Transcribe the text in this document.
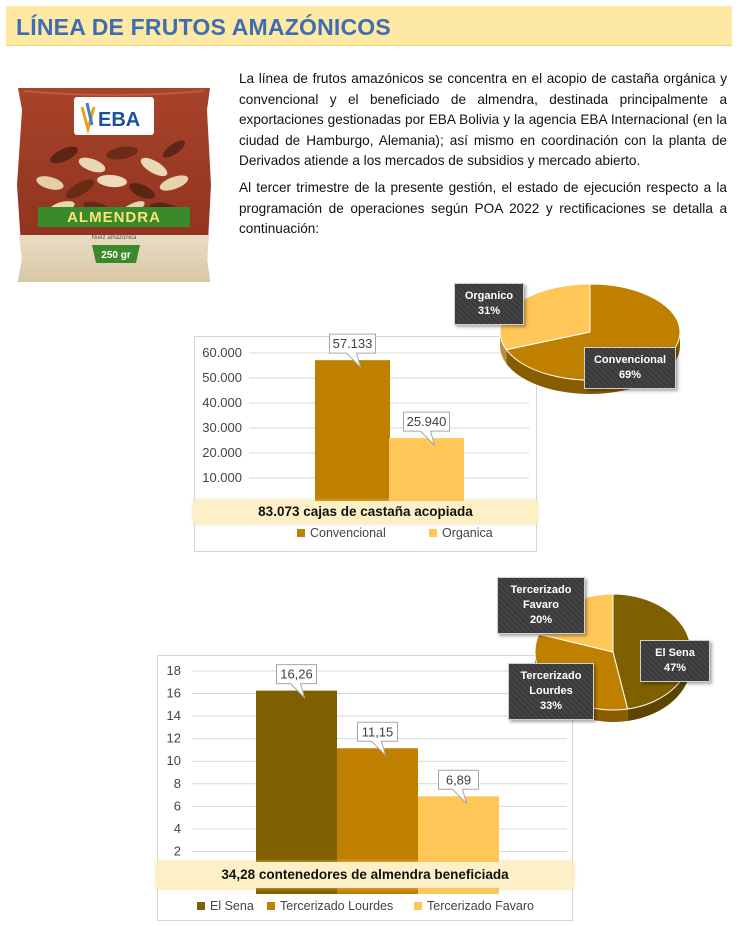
LÍNEA DE FRUTOS AMAZÓNICOS
EBA
ALMENDRA
Nuez amazónica
250 gr

La línea de frutos amazónicos se concentra en el acopio de castaña orgánica y convencional y el beneficiado de almendra, destinada principalmente a exportaciones gestionadas por EBA Bolivia y la agencia EBA Internacional (en la ciudad de Hamburgo, Alemania); así mismo en coordinación con la planta de Derivados atiende a los mercados de subsidios y mercado abierto.

Al tercer trimestre de la presente gestión, el estado de ejecución respecto a la programación de operaciones según POA 2022 y rectificaciones se detalla a continuación:

10.000
20.000
30.000
40.000
50.000
60.000
57.133
25.940
83.073 cajas de castaña acopiada
Convencional	Organica
Organico
31%
Convencional
69%
2
4
6
8
10
12
14
16
18	16,26
11,15
6,89
34,28 contenedores de almendra beneficiada
El Sena	Tercerizado Lourdes	Tercerizado Favaro
Tercerizado Favaro
20%
El Sena
47%
Tercerizado Lourdes
33%
